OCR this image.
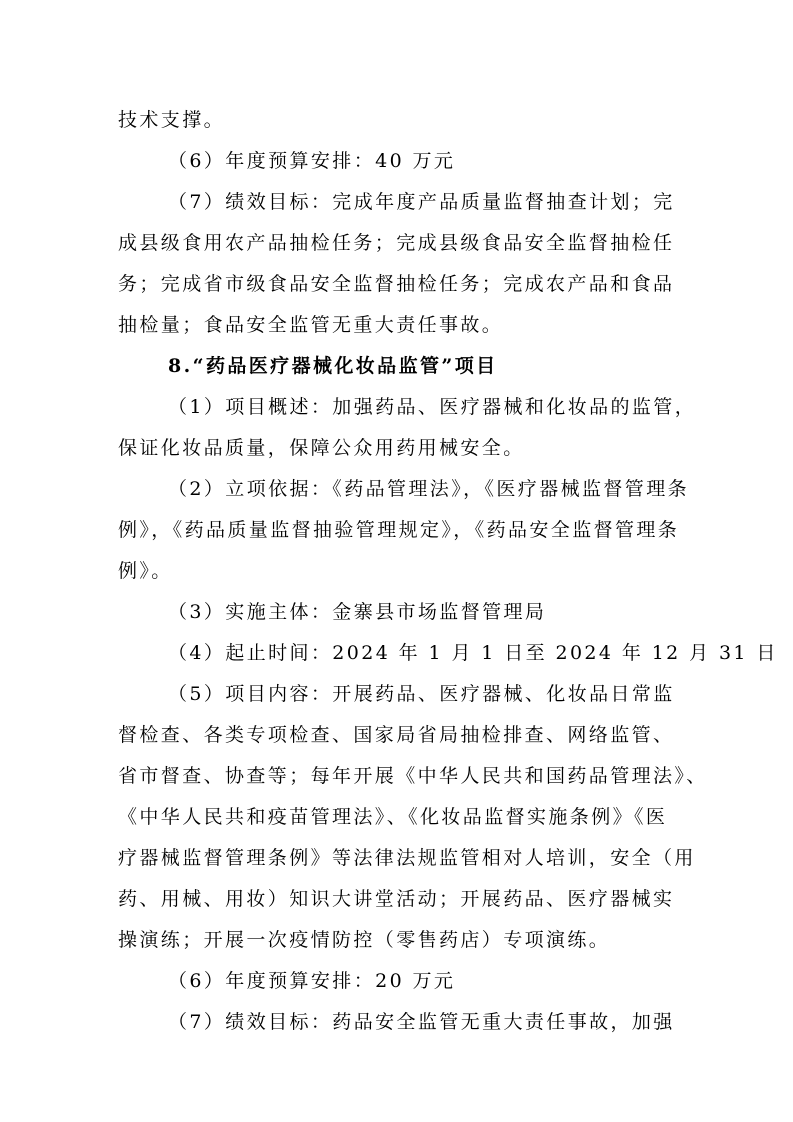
技术支撑。

（6）年度预算安排：40 万元

（7）绩效目标：完成年度产品质量监督抽查计划；完

成县级食用农产品抽检任务；完成县级食品安全监督抽检任

务；完成省市级食品安全监督抽检任务；完成农产品和食品

抽检量；食品安全监管无重大责任事故。

8.“药品医疗器械化妆品监管”项目

（1）项目概述：加强药品、医疗器械和化妆品的监管，

保证化妆品质量，保障公众用药用械安全。

（2）立项依据：《药品管理法》，《医疗器械监督管理条

例》，《药品质量监督抽验管理规定》，《药品安全监督管理条

例》。

（3）实施主体：金寨县市场监督管理局

（4）起止时间：2024 年 1 月 1 日至 2024 年 12 月 31 日

（5）项目内容：开展药品、医疗器械、化妆品日常监

督检查、各类专项检查、国家局省局抽检排查、网络监管、

省市督查、协查等；每年开展《中华人民共和国药品管理法》、

《中华人民共和疫苗管理法》、《化妆品监督实施条例》《医

疗器械监督管理条例》等法律法规监管相对人培训，安全（用

药、用械、用妆）知识大讲堂活动；开展药品、医疗器械实

操演练；开展一次疫情防控（零售药店）专项演练。

（6）年度预算安排：20 万元

（7）绩效目标：药品安全监管无重大责任事故，加强
